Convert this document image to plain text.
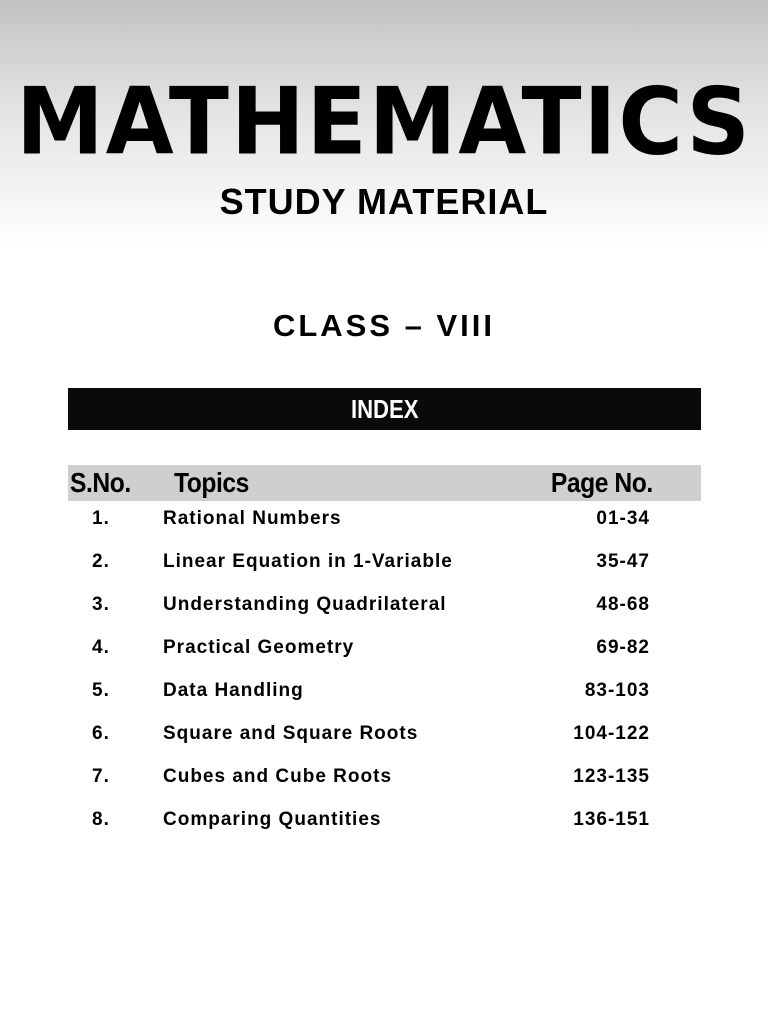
MATHEMATICS
STUDY MATERIAL
CLASS – VIII
INDEX
S.No. Topics	Page No.
1.	Rational Numbers	01-34
2.	Linear Equation in 1-Variable	35-47
3.	Understanding Quadrilateral	48-68
4.	Practical Geometry	69-82
5.	Data Handling	83-103
6.	Square and Square Roots	104-122
7.	Cubes and Cube Roots	123-135
8.	Comparing Quantities	136-151
